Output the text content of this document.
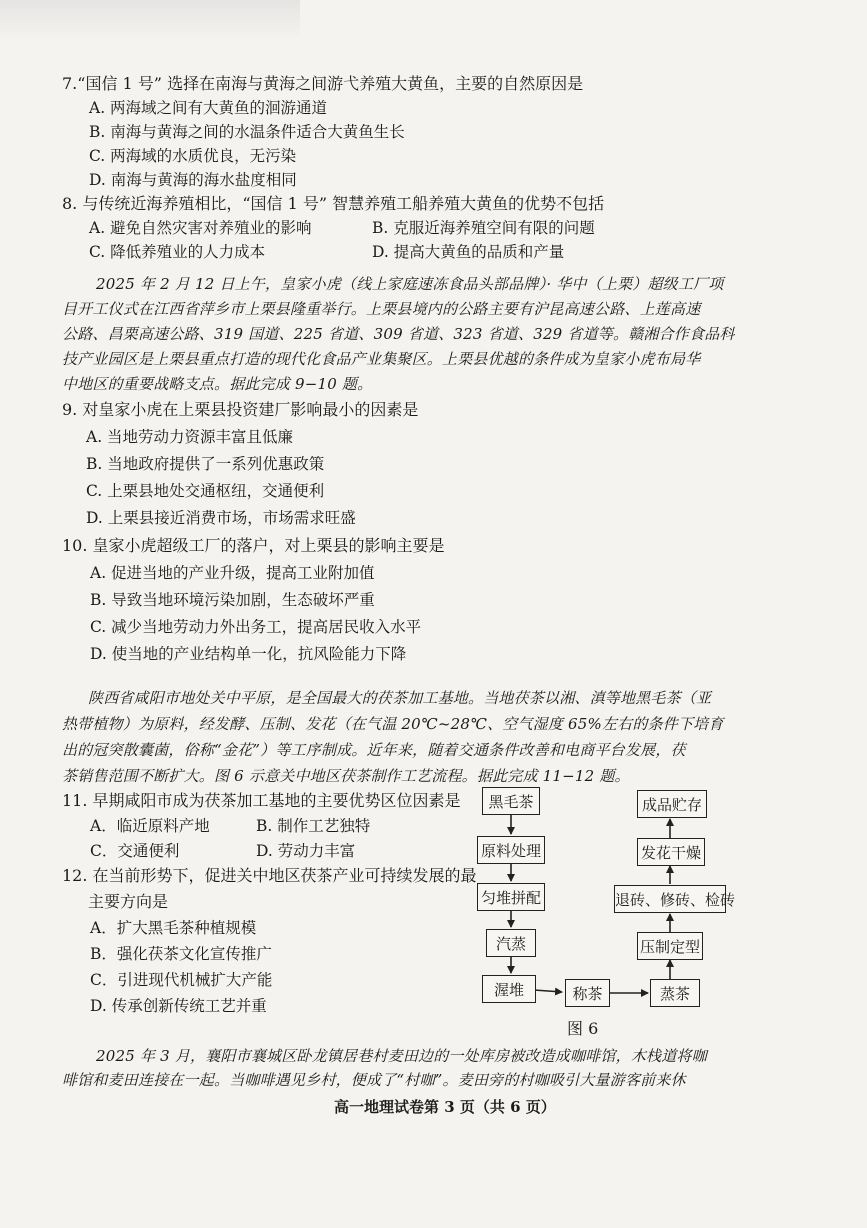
7.“国信 1 号” 选择在南海与黄海之间游弋养殖大黄鱼，主要的自然原因是
A. 两海域之间有大黄鱼的洄游通道
B. 南海与黄海之间的水温条件适合大黄鱼生长
C. 两海域的水质优良，无污染
D. 南海与黄海的海水盐度相同
8. 与传统近海养殖相比，“国信 1 号” 智慧养殖工船养殖大黄鱼的优势不包括
A. 避免自然灾害对养殖业的影响	B. 克服近海养殖空间有限的问题
C. 降低养殖业的人力成本	D. 提高大黄鱼的品质和产量
2025 年 2 月 12 日上午，皇家小虎（线上家庭速冻食品头部品牌）· 华中（上栗）超级工厂项
目开工仪式在江西省萍乡市上栗县隆重举行。上栗县境内的公路主要有沪昆高速公路、上莲高速
公路、昌栗高速公路、319 国道、225 省道、309 省道、323 省道、329 省道等。赣湘合作食品科
技产业园区是上栗县重点打造的现代化食品产业集聚区。上栗县优越的条件成为皇家小虎布局华
中地区的重要战略支点。据此完成 9−10 题。
9. 对皇家小虎在上栗县投资建厂影响最小的因素是
A. 当地劳动力资源丰富且低廉
B. 当地政府提供了一系列优惠政策
C. 上栗县地处交通枢纽，交通便利
D. 上栗县接近消费市场，市场需求旺盛
10. 皇家小虎超级工厂的落户，对上栗县的影响主要是
A. 促进当地的产业升级，提高工业附加值
B. 导致当地环境污染加剧，生态破坏严重
C. 减少当地劳动力外出务工，提高居民收入水平
D. 使当地的产业结构单一化，抗风险能力下降
陕西省咸阳市地处关中平原，是全国最大的茯茶加工基地。当地茯茶以湘、滇等地黑毛茶（亚
热带植物）为原料，经发酵、压制、发花（在气温 20℃~28℃、空气湿度 65%左右的条件下培育
出的冠突散囊菌，俗称“金花”）等工序制成。近年来，随着交通条件改善和电商平台发展，茯
茶销售范围不断扩大。图 6 示意关中地区茯茶制作工艺流程。据此完成 11−12 题。
11. 早期咸阳市成为茯茶加工基地的主要优势区位因素是
A．临近原料产地	B. 制作工艺独特
C．交通便利	D. 劳动力丰富
12. 在当前形势下，促进关中地区茯茶产业可持续发展的最
主要方向是
A．扩大黑毛茶种植规模
B．强化茯茶文化宣传推广
C．引进现代机械扩大产能
D. 传承创新传统工艺并重
黑毛茶
原料处理
匀堆拼配
汽蒸
渥堆	称茶	蒸茶
压制定型
退砖、修砖、检砖
发花干燥
成品贮存
图 6
2025 年 3 月，襄阳市襄城区卧龙镇居巷村麦田边的一处库房被改造成咖啡馆，木栈道将咖
啡馆和麦田连接在一起。当咖啡遇见乡村，便成了“村咖”。麦田旁的村咖吸引大量游客前来休
高一地理试卷第 3 页（共 6 页）
